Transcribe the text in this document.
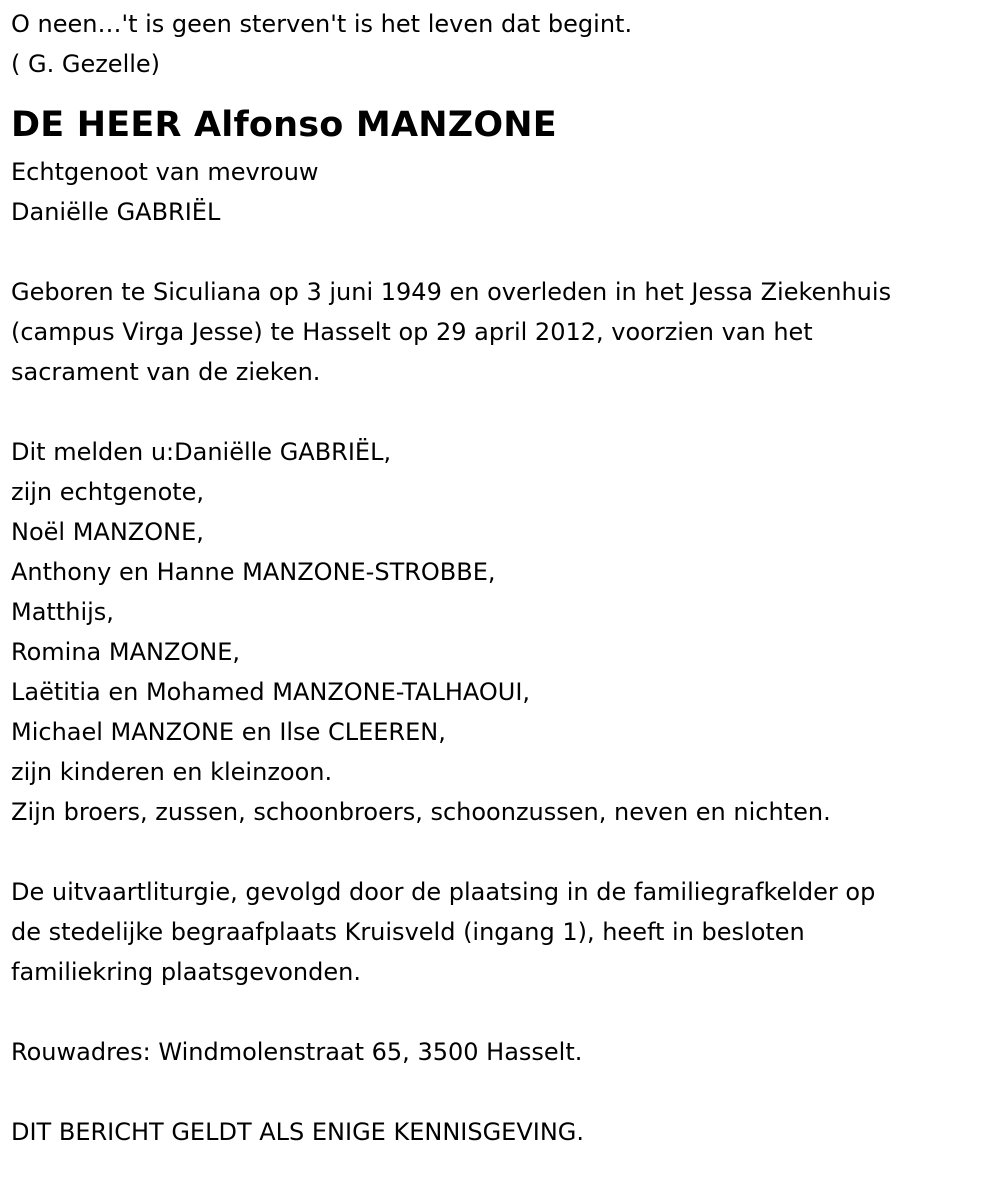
O neen…'t is geen sterven't is het leven dat begint.
( G. Gezelle)
DE HEER Alfonso MANZONE
Echtgenoot van mevrouw
Daniëlle GABRIËL
Geboren te Siculiana op 3 juni 1949 en overleden in het Jessa Ziekenhuis
(campus Virga Jesse) te Hasselt op 29 april 2012, voorzien van het
sacrament van de zieken.
Dit melden u:Daniëlle GABRIËL,
zijn echtgenote,
Noël MANZONE,
Anthony en Hanne MANZONE-STROBBE,
Matthijs,
Romina MANZONE,
Laëtitia en Mohamed MANZONE-TALHAOUI,
Michael MANZONE en Ilse CLEEREN,
zijn kinderen en kleinzoon.
Zijn broers, zussen, schoonbroers, schoonzussen, neven en nichten.
De uitvaartliturgie, gevolgd door de plaatsing in de familiegrafkelder op
de stedelijke begraafplaats Kruisveld (ingang 1), heeft in besloten
familiekring plaatsgevonden.
Rouwadres: Windmolenstraat 65, 3500 Hasselt.
DIT BERICHT GELDT ALS ENIGE KENNISGEVING.
